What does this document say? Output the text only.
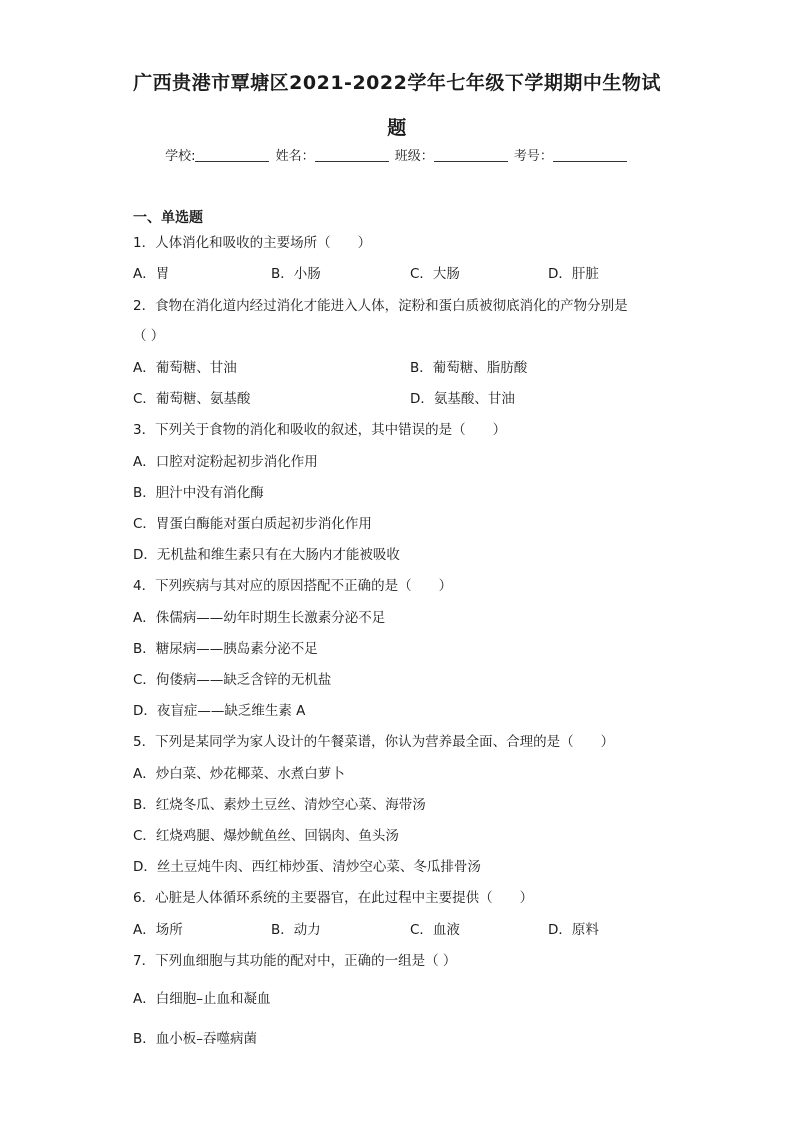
广西贵港市覃塘区2021-2022学年七年级下学期期中生物试
题
学校:	姓名：	班级：	考号：
一、单选题
1．人体消化和吸收的主要场所（　　）
A．胃	B．小肠	C．大肠	D．肝脏
2．食物在消化道内经过消化才能进入人体，淀粉和蛋白质被彻底消化的产物分别是
（ ）
A．葡萄糖、甘油	B．葡萄糖、脂肪酸
C．葡萄糖、氨基酸	D．氨基酸、甘油
3．下列关于食物的消化和吸收的叙述，其中错误的是（　　）
A．口腔对淀粉起初步消化作用
B．胆汁中没有消化酶
C．胃蛋白酶能对蛋白质起初步消化作用
D．无机盐和维生素只有在大肠内才能被吸收
4．下列疾病与其对应的原因搭配不正确的是（　　）
A．侏儒病——幼年时期生长激素分泌不足
B．糖尿病——胰岛素分泌不足
C．佝偻病——缺乏含锌的无机盐
D．夜盲症——缺乏维生素 A
5．下列是某同学为家人设计的午餐菜谱，你认为营养最全面、合理的是（　　）
A．炒白菜、炒花椰菜、水煮白萝卜
B．红烧冬瓜、素炒土豆丝、清炒空心菜、海带汤
C．红烧鸡腿、爆炒鱿鱼丝、回锅肉、鱼头汤
D．丝土豆炖牛肉、西红柿炒蛋、清炒空心菜、冬瓜排骨汤
6．心脏是人体循环系统的主要器官，在此过程中主要提供（　　）
A．场所	B．动力	C．血液	D．原料
7．下列血细胞与其功能的配对中，正确的一组是（ ）
A．白细胞–止血和凝血
B．血小板–吞噬病菌
